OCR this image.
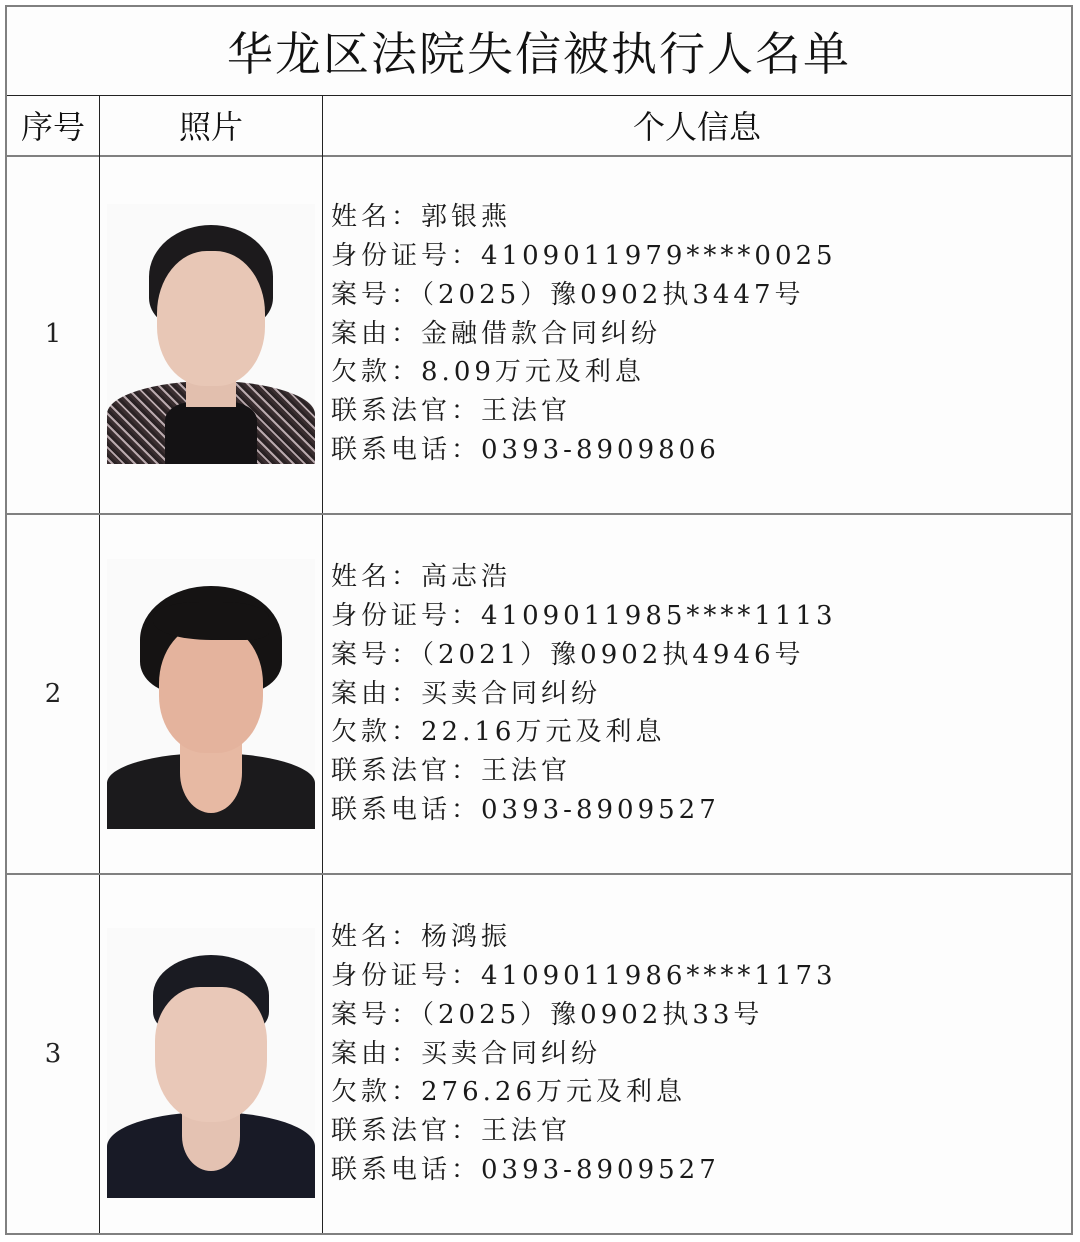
华龙区法院失信被执行人名单
序号	照片	个人信息
1
姓名：郭银燕
身份证号：4109011979****0025
案号：（2025）豫0902执3447号
案由：金融借款合同纠纷
欠款：8.09万元及利息
联系法官：王法官
联系电话：0393-8909806
2
姓名：高志浩
身份证号：4109011985****1113
案号：（2021）豫0902执4946号
案由：买卖合同纠纷
欠款：22.16万元及利息
联系法官：王法官
联系电话：0393-8909527
3
姓名：杨鸿振
身份证号：4109011986****1173
案号：（2025）豫0902执33号
案由：买卖合同纠纷
欠款：276.26万元及利息
联系法官：王法官
联系电话：0393-8909527
